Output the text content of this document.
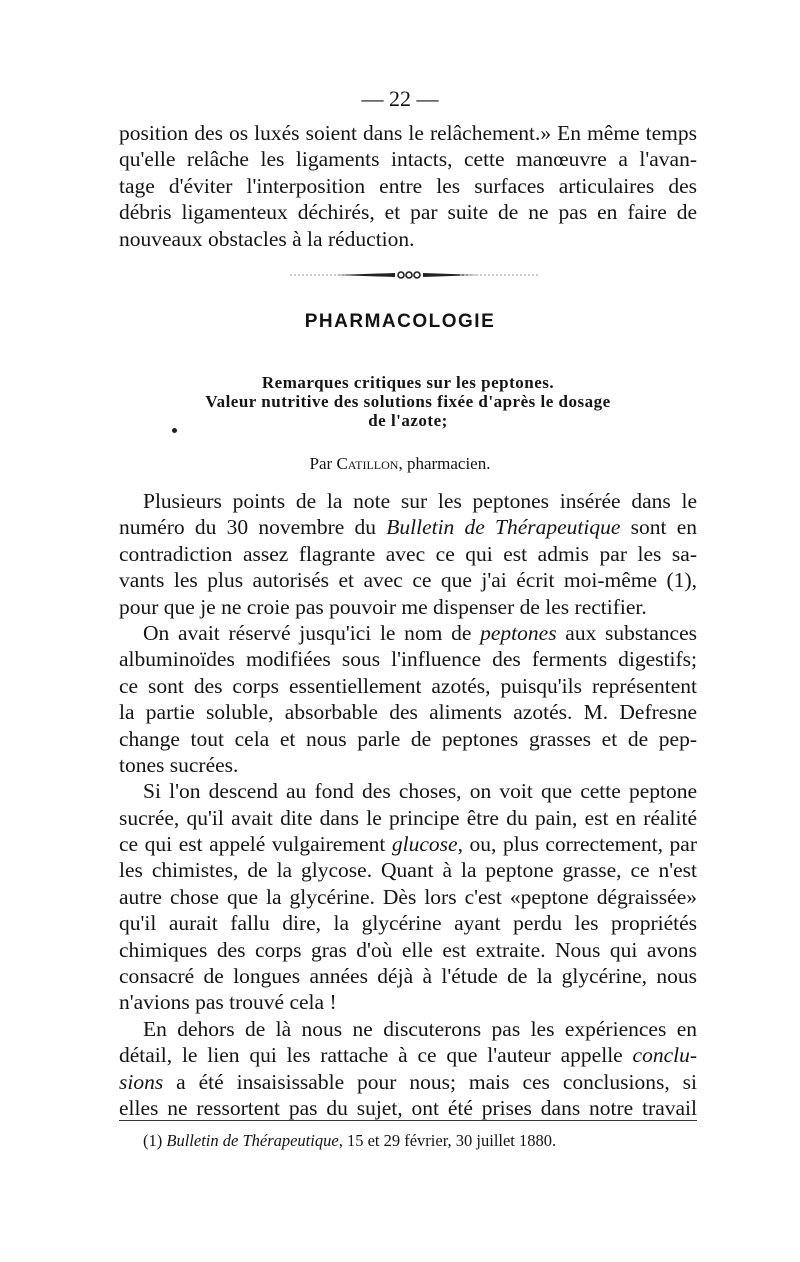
— 22 —
position des os luxés soient dans le relâchement.» En même temps
qu'elle relâche les ligaments intacts, cette manœuvre a l'avan-
tage d'éviter l'interposition entre les surfaces articulaires des
débris ligamenteux déchirés, et par suite de ne pas en faire de
nouveaux obstacles à la réduction.
PHARMACOLOGIE
Remarques critiques sur les peptones.
Valeur nutritive des solutions fixée d'après le dosage
de l'azote;
Par Catillon, pharmacien.
Plusieurs points de la note sur les peptones insérée dans le
numéro du 30 novembre du Bulletin de Thérapeutique sont en
contradiction assez flagrante avec ce qui est admis par les sa-
vants les plus autorisés et avec ce que j'ai écrit moi-même (1),
pour que je ne croie pas pouvoir me dispenser de les rectifier.
On avait réservé jusqu'ici le nom de peptones aux substances
albuminoïdes modifiées sous l'influence des ferments digestifs;
ce sont des corps essentiellement azotés, puisqu'ils représentent
la partie soluble, absorbable des aliments azotés. M. Defresne
change tout cela et nous parle de peptones grasses et de pep-
tones sucrées.
Si l'on descend au fond des choses, on voit que cette peptone
sucrée, qu'il avait dite dans le principe être du pain, est en réalité
ce qui est appelé vulgairement glucose, ou, plus correctement, par
les chimistes, de la glycose. Quant à la peptone grasse, ce n'est
autre chose que la glycérine. Dès lors c'est «peptone dégraissée»
qu'il aurait fallu dire, la glycérine ayant perdu les propriétés
chimiques des corps gras d'où elle est extraite. Nous qui avons
consacré de longues années déjà à l'étude de la glycérine, nous
n'avions pas trouvé cela !
En dehors de là nous ne discuterons pas les expériences en
détail, le lien qui les rattache à ce que l'auteur appelle conclu-
sions a été insaisissable pour nous; mais ces conclusions, si
elles ne ressortent pas du sujet, ont été prises dans notre travail
(1) Bulletin de Thérapeutique, 15 et 29 février, 30 juillet 1880.
